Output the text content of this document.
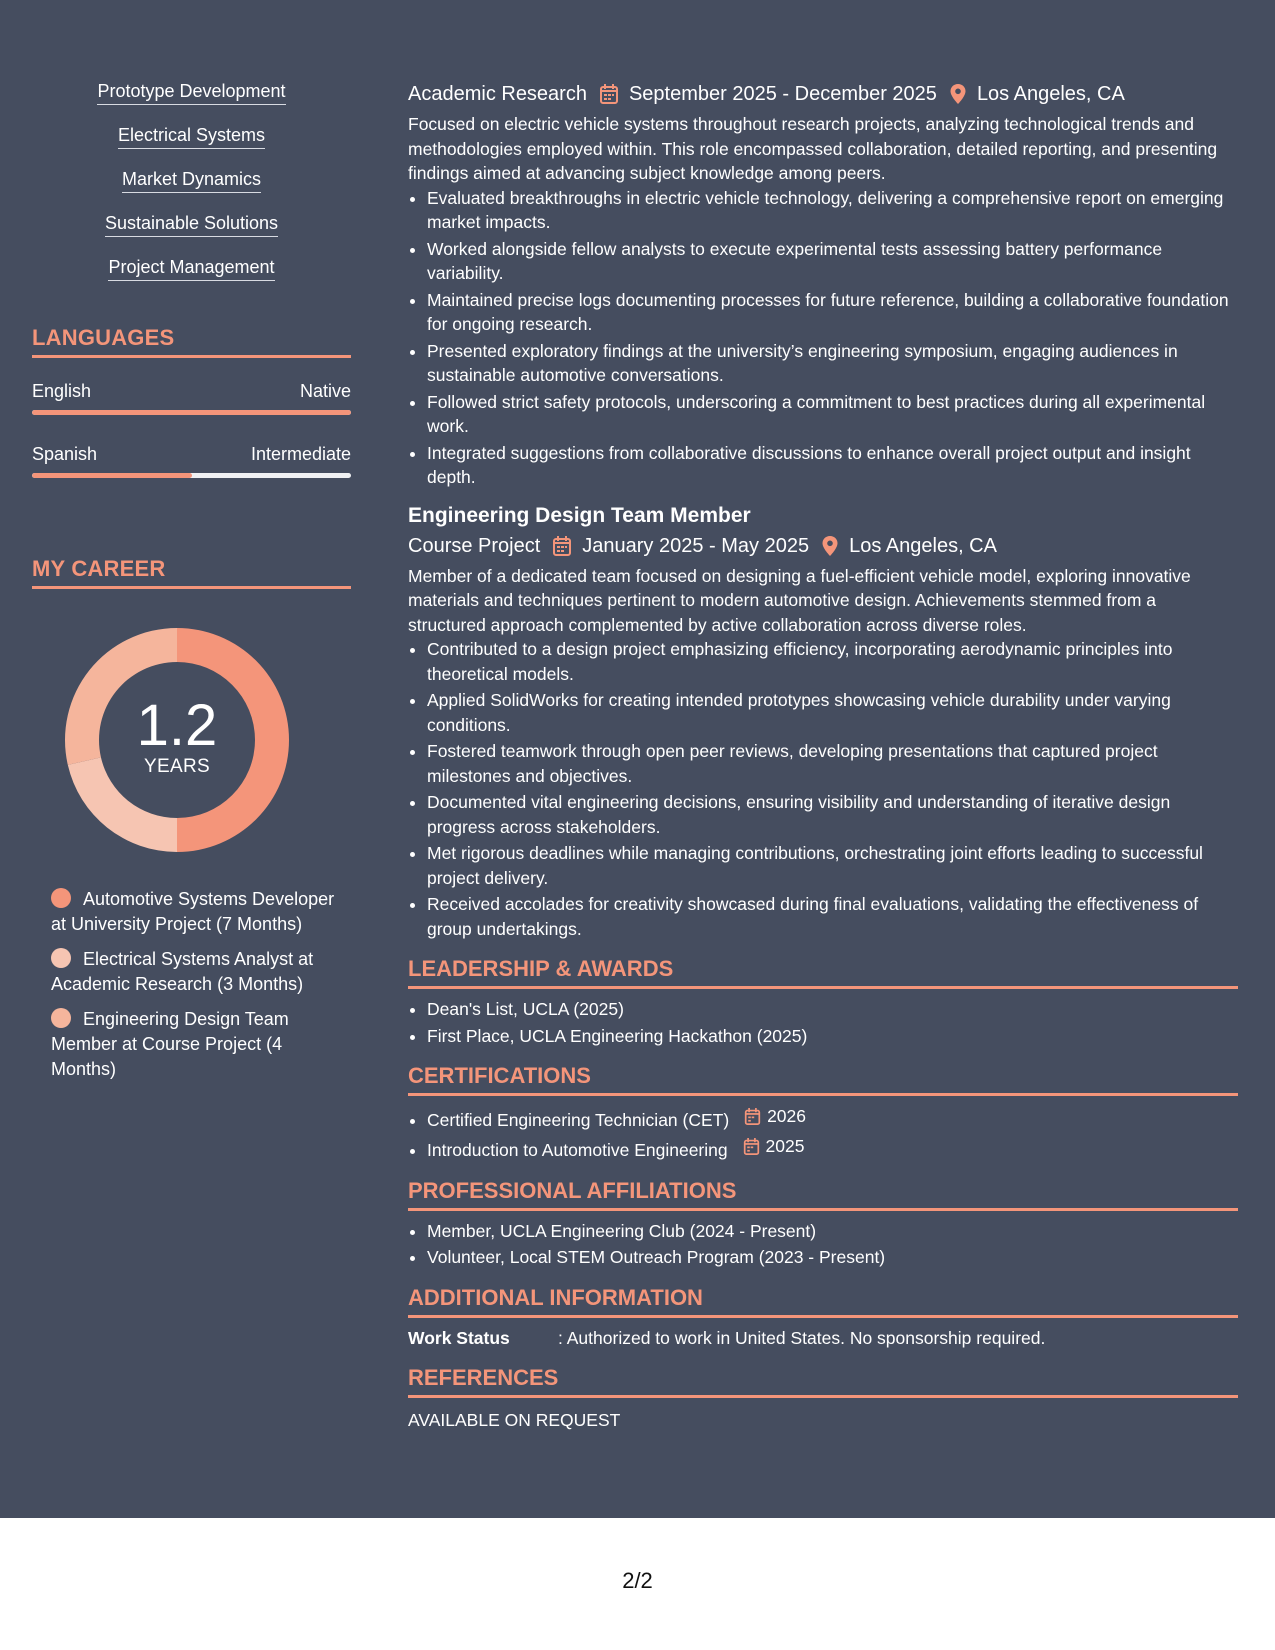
Prototype Development
Electrical Systems
Market Dynamics
Sustainable Solutions
Project Management
LANGUAGES
English	Native
Spanish	Intermediate
MY CAREER
1.2
YEARS
Automotive Systems Developer at University Project (7 Months)
Electrical Systems Analyst at Academic Research (3 Months)
Engineering Design Team Member at Course Project (4 Months)
Academic Research September 2025 - December 2025 Los Angeles, CA

Focused on electric vehicle systems throughout research projects, analyzing technological trends and methodologies employed within. This role encompassed collaboration, detailed reporting, and presenting findings aimed at advancing subject knowledge among peers.

• Evaluated breakthroughs in electric vehicle technology, delivering a comprehensive report on emerging market impacts.
• Worked alongside fellow analysts to execute experimental tests assessing battery performance variability.
• Maintained precise logs documenting processes for future reference, building a collaborative foundation for ongoing research.
• Presented exploratory findings at the university’s engineering symposium, engaging audiences in sustainable automotive conversations.
• Followed strict safety protocols, underscoring a commitment to best practices during all experimental work.
• Integrated suggestions from collaborative discussions to enhance overall project output and insight depth.
Engineering Design Team Member
Course Project January 2025 - May 2025 Los Angeles, CA

Member of a dedicated team focused on designing a fuel-efficient vehicle model, exploring innovative materials and techniques pertinent to modern automotive design. Achievements stemmed from a structured approach complemented by active collaboration across diverse roles.

• Contributed to a design project emphasizing efficiency, incorporating aerodynamic principles into theoretical models.
• Applied SolidWorks for creating intended prototypes showcasing vehicle durability under varying conditions.
• Fostered teamwork through open peer reviews, developing presentations that captured project milestones and objectives.
• Documented vital engineering decisions, ensuring visibility and understanding of iterative design progress across stakeholders.
• Met rigorous deadlines while managing contributions, orchestrating joint efforts leading to successful project delivery.
• Received accolades for creativity showcased during final evaluations, validating the effectiveness of group undertakings.
LEADERSHIP & AWARDS
• Dean's List, UCLA (2025)
• First Place, UCLA Engineering Hackathon (2025)
CERTIFICATIONS
• Certified Engineering Technician (CET) 2026
• Introduction to Automotive Engineering 2025
PROFESSIONAL AFFILIATIONS
• Member, UCLA Engineering Club (2024 - Present)
• Volunteer, Local STEM Outreach Program (2023 - Present)
ADDITIONAL INFORMATION
Work Status	: Authorized to work in United States. No sponsorship required.
REFERENCES
AVAILABLE ON REQUEST
2/2
